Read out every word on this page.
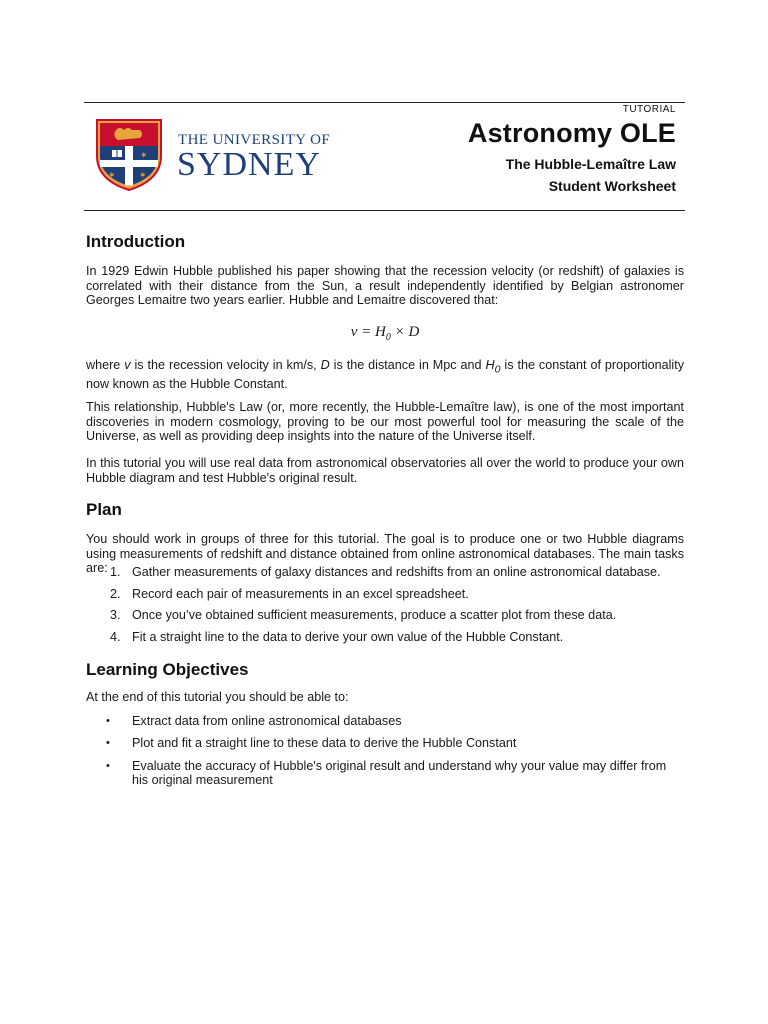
✶
✶	✶
THE UNIVERSITY OF
SYDNEY
TUTORIAL
Astronomy OLE
The Hubble-Lemaître Law
Student Worksheet
Introduction

In 1929 Edwin Hubble published his paper showing that the recession velocity (or redshift) of galaxies is correlated with their distance from the Sun, a result independently identified by Belgian astronomer Georges Lemaitre two years earlier. Hubble and Lemaitre discovered that:

$v = H_0 \times D$

where v is the recession velocity in km/s, D is the distance in Mpc and $H_0$ is the constant of proportionality now known as the Hubble Constant.

This relationship, Hubble's Law (or, more recently, the Hubble-Lemaître law), is one of the most important discoveries in modern cosmology, proving to be our most powerful tool for measuring the scale of the Universe, as well as providing deep insights into the nature of the Universe itself.

In this tutorial you will use real data from astronomical observatories all over the world to produce your own Hubble diagram and test Hubble's original result.

Plan

You should work in groups of three for this tutorial. The goal is to produce one or two Hubble diagrams using measurements of redshift and distance obtained from online astronomical databases. The main tasks are: 1. Gather measurements of galaxy distances and redshifts from an online astronomical database.
2. Record each pair of measurements in an excel spreadsheet.
3. Once you’ve obtained sufficient measurements, produce a scatter plot from these data.
4. Fit a straight line to the data to derive your own value of the Hubble Constant.
Learning Objectives

At the end of this tutorial you should be able to:

• Extract data from online astronomical databases
• Plot and fit a straight line to these data to derive the Hubble Constant
• Evaluate the accuracy of Hubble's original result and understand why your value may differ from his original measurement
